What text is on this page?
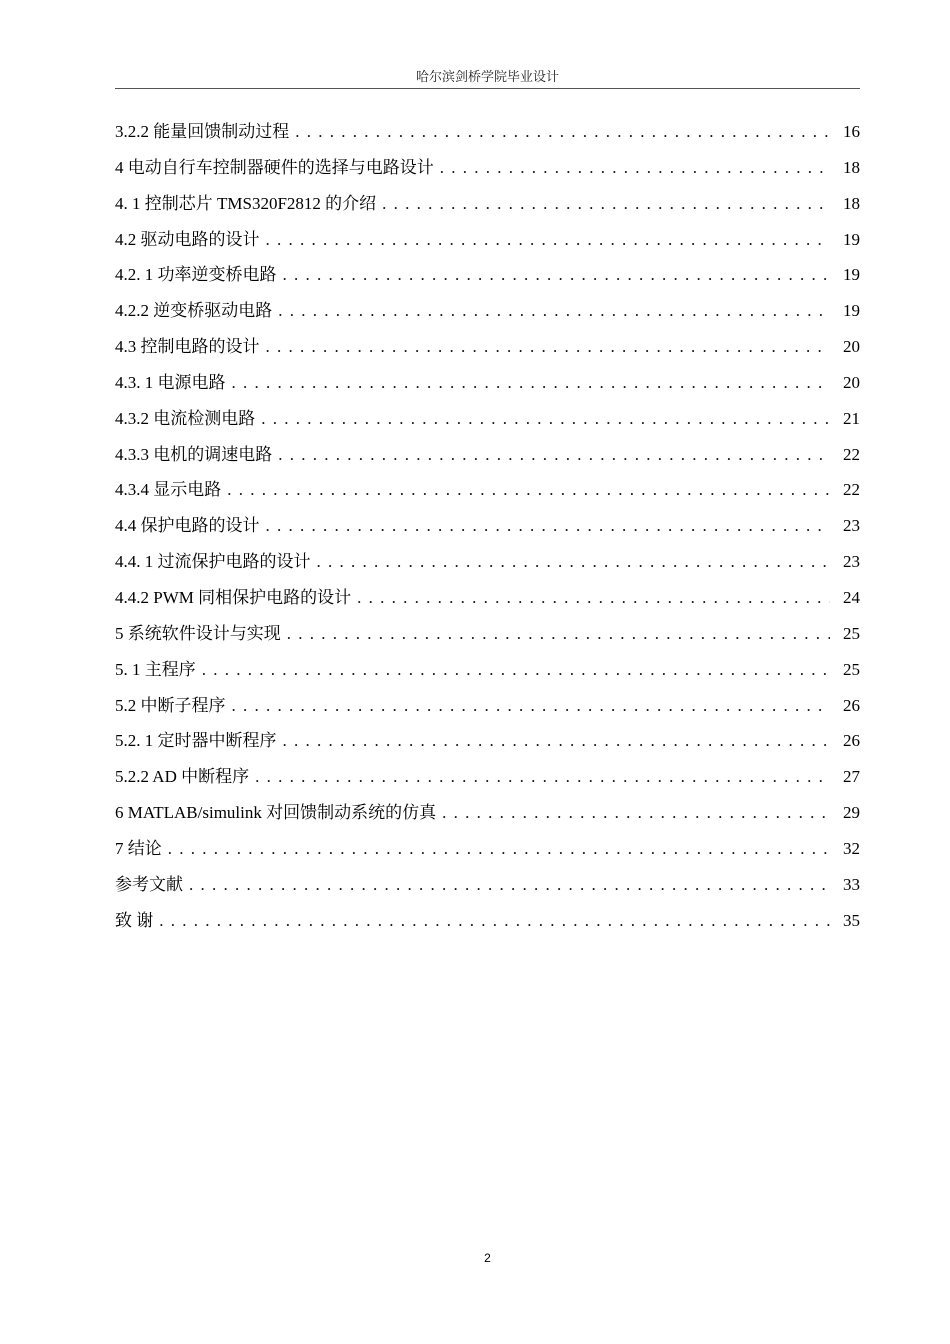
哈尔滨剑桥学院毕业设计
3.2.2 能量回馈制动过程 . . .	16
4 电动自行车控制器硬件的选择与电路设计 . . .	18
4. 1 控制芯片 TMS320F2812 的介绍 . . .	18
4.2 驱动电路的设计 . . .	19
4.2. 1 功率逆变桥电路 . . .	19
4.2.2 逆变桥驱动电路 . . .	19
4.3 控制电路的设计 . . .	20
4.3. 1 电源电路 . . .	20
4.3.2 电流检测电路 . . .	21
4.3.3 电机的调速电路 . . .	22
4.3.4 显示电路 . . .	22
4.4 保护电路的设计 . . .	23
4.4. 1 过流保护电路的设计 . . .	23
4.4.2 PWM 同相保护电路的设计 . . .	24
5 系统软件设计与实现 . . .	25
5. 1 主程序 . . .	25
5.2 中断子程序 . . .	26
5.2. 1 定时器中断程序 . . .	26
5.2.2 AD 中断程序 . . .	27
6 MATLAB/simulink 对回馈制动系统的仿真 . . .	29
7 结论 . . .	32
参考文献 . . .	33
致 谢 . . .	35
2
